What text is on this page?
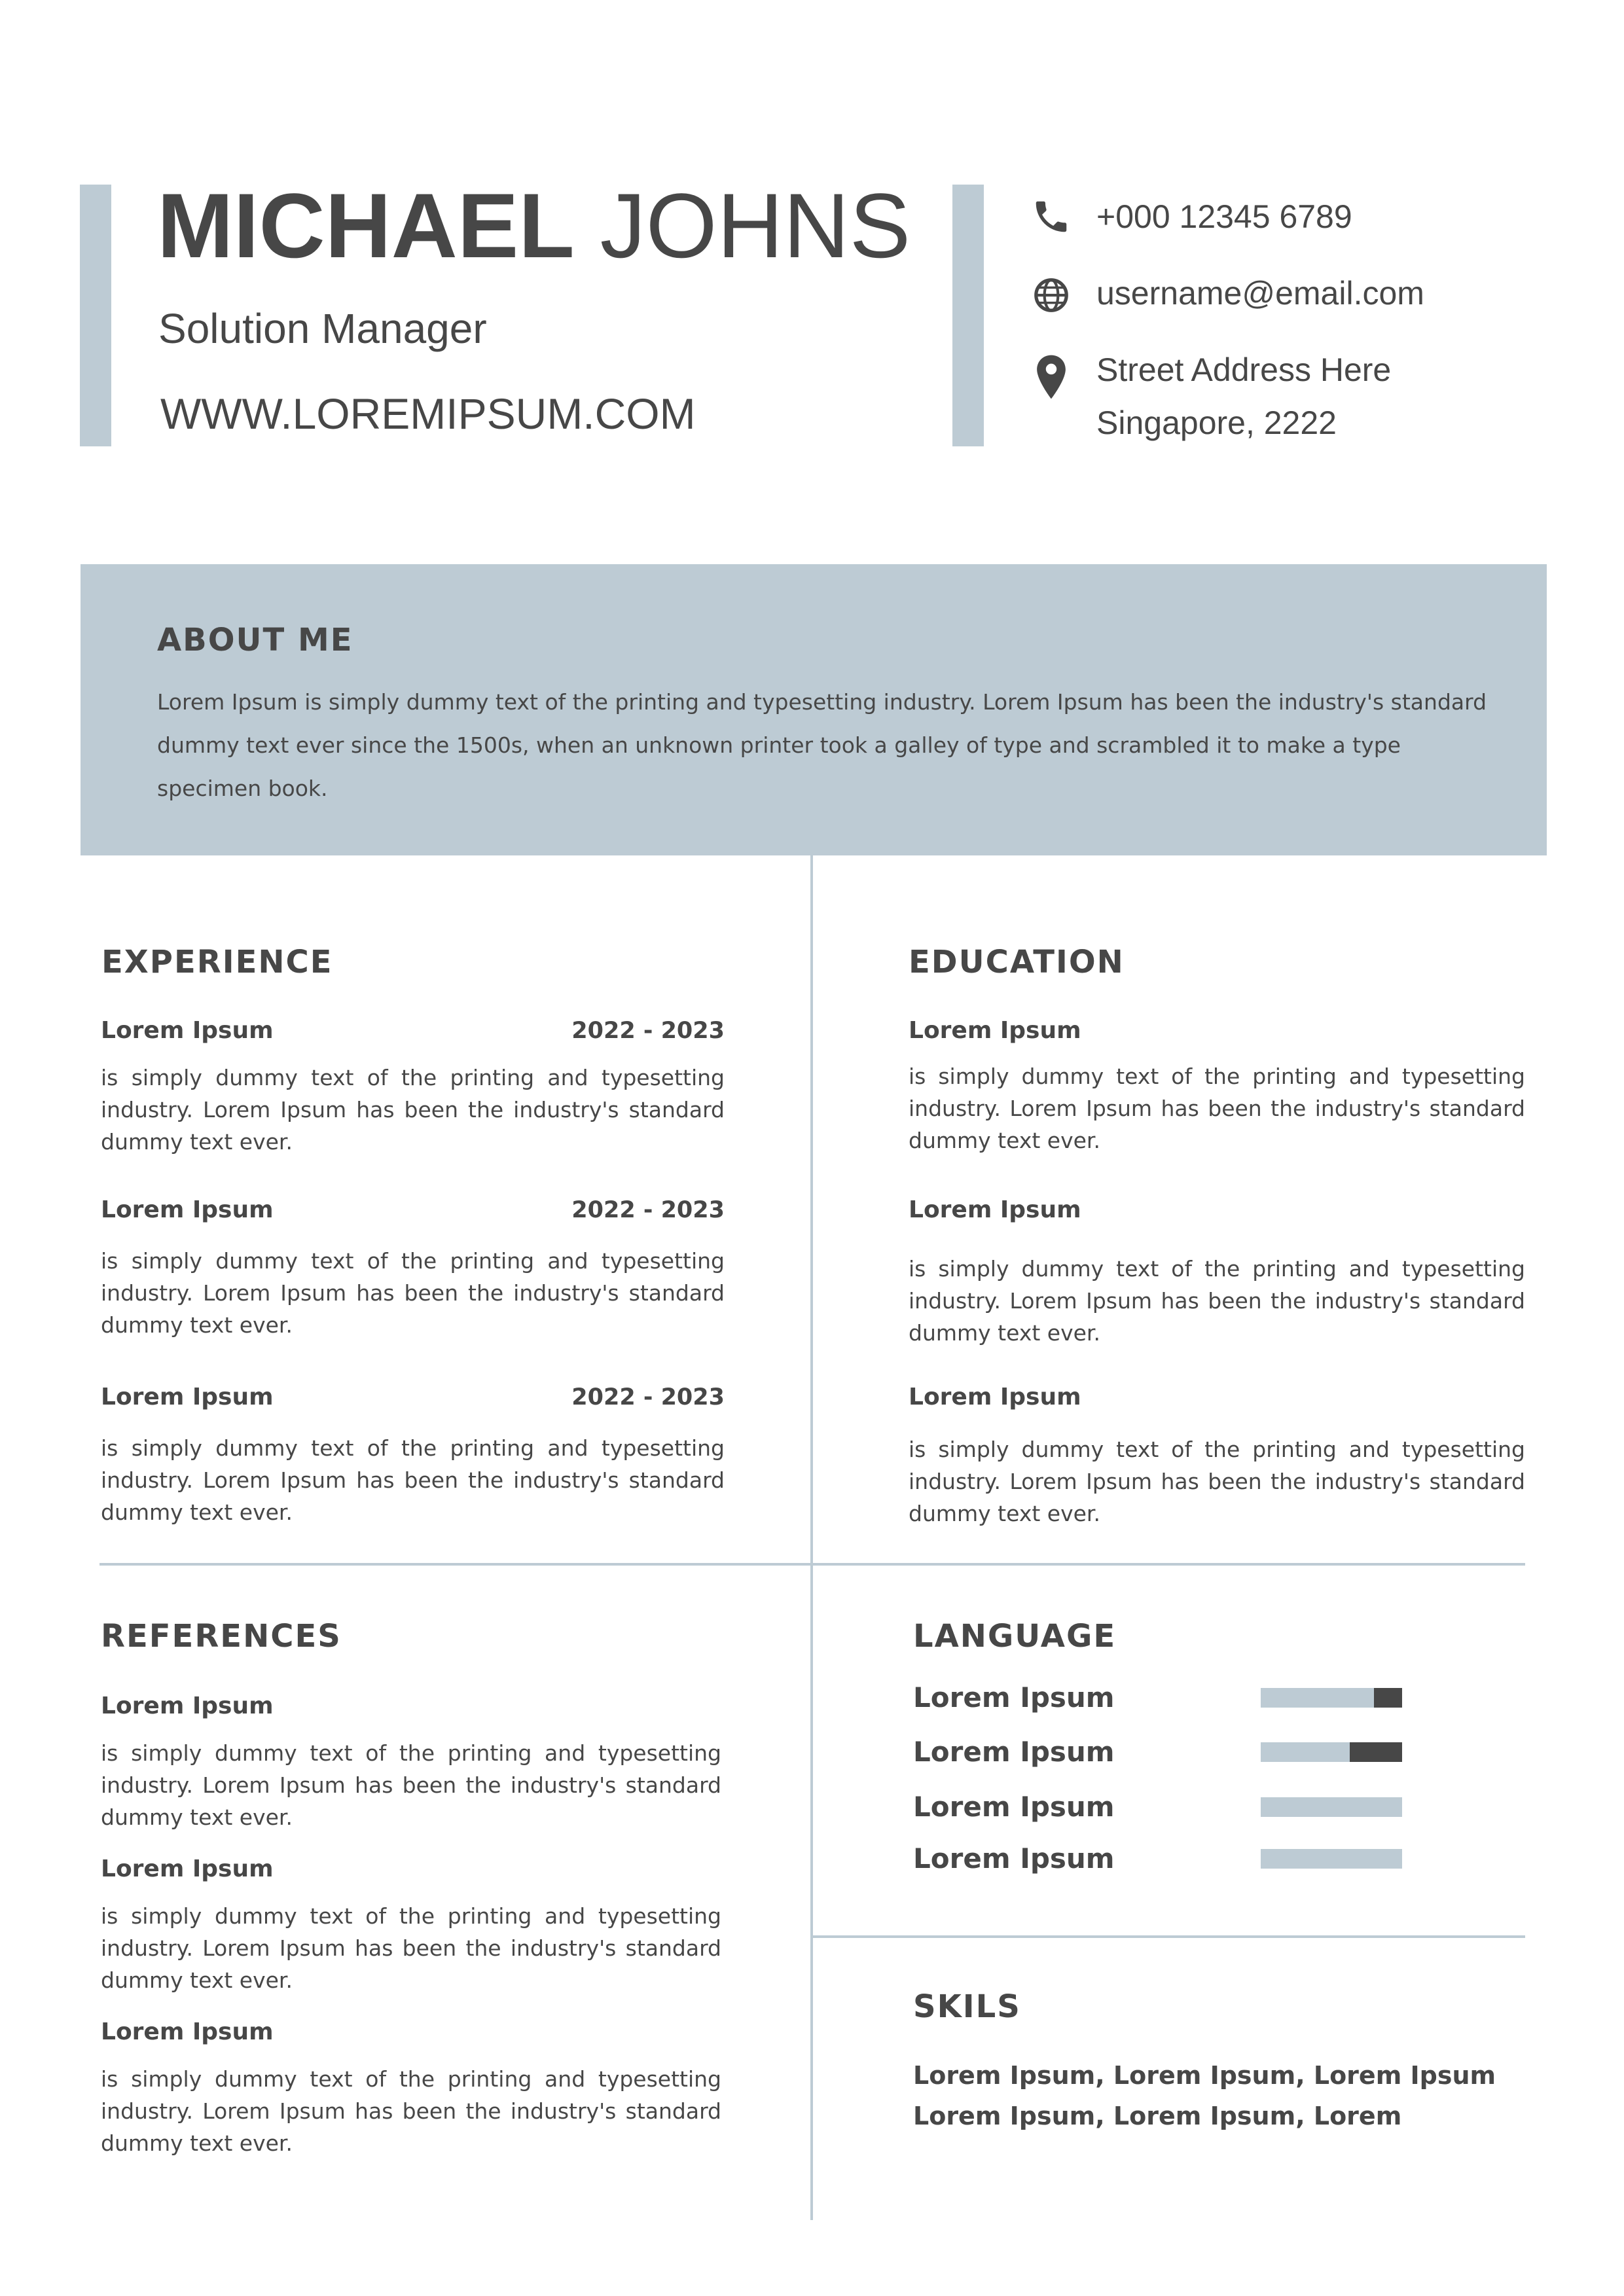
MICHAEL JOHNS
Solution Manager
WWW.LOREMIPSUM.COM
+000 12345 6789
username@email.com
Street Address Here
Singapore, 2222
ABOUT ME
Lorem Ipsum is simply dummy text of the printing and typesetting industry. Lorem Ipsum has been the industry's standard dummy text ever since the 1500s, when an unknown printer took a galley of type and scrambled it to make a type specimen book.
EXPERIENCE
Lorem Ipsum	2022 - 2023
is simply dummy text of the printing and typesetting industry. Lorem Ipsum has been the industry's standard dummy text ever.
Lorem Ipsum	2022 - 2023
is simply dummy text of the printing and typesetting industry. Lorem Ipsum has been the industry's standard dummy text ever.
Lorem Ipsum	2022 - 2023
is simply dummy text of the printing and typesetting industry. Lorem Ipsum has been the industry's standard dummy text ever.
EDUCATION
Lorem Ipsum
is simply dummy text of the printing and typesetting industry. Lorem Ipsum has been the industry's standard dummy text ever.
Lorem Ipsum
is simply dummy text of the printing and typesetting industry. Lorem Ipsum has been the industry's standard dummy text ever.
Lorem Ipsum
is simply dummy text of the printing and typesetting industry. Lorem Ipsum has been the industry's standard dummy text ever.
REFERENCES
Lorem Ipsum
is simply dummy text of the printing and typesetting industry. Lorem Ipsum has been the industry's standard dummy text ever.
Lorem Ipsum
is simply dummy text of the printing and typesetting industry. Lorem Ipsum has been the industry's standard dummy text ever.
Lorem Ipsum
is simply dummy text of the printing and typesetting industry. Lorem Ipsum has been the industry's standard dummy text ever.
LANGUAGE
Lorem Ipsum
Lorem Ipsum
Lorem Ipsum
Lorem Ipsum
SKILS
Lorem Ipsum, Lorem Ipsum, Lorem Ipsum
Lorem Ipsum, Lorem Ipsum, Lorem
